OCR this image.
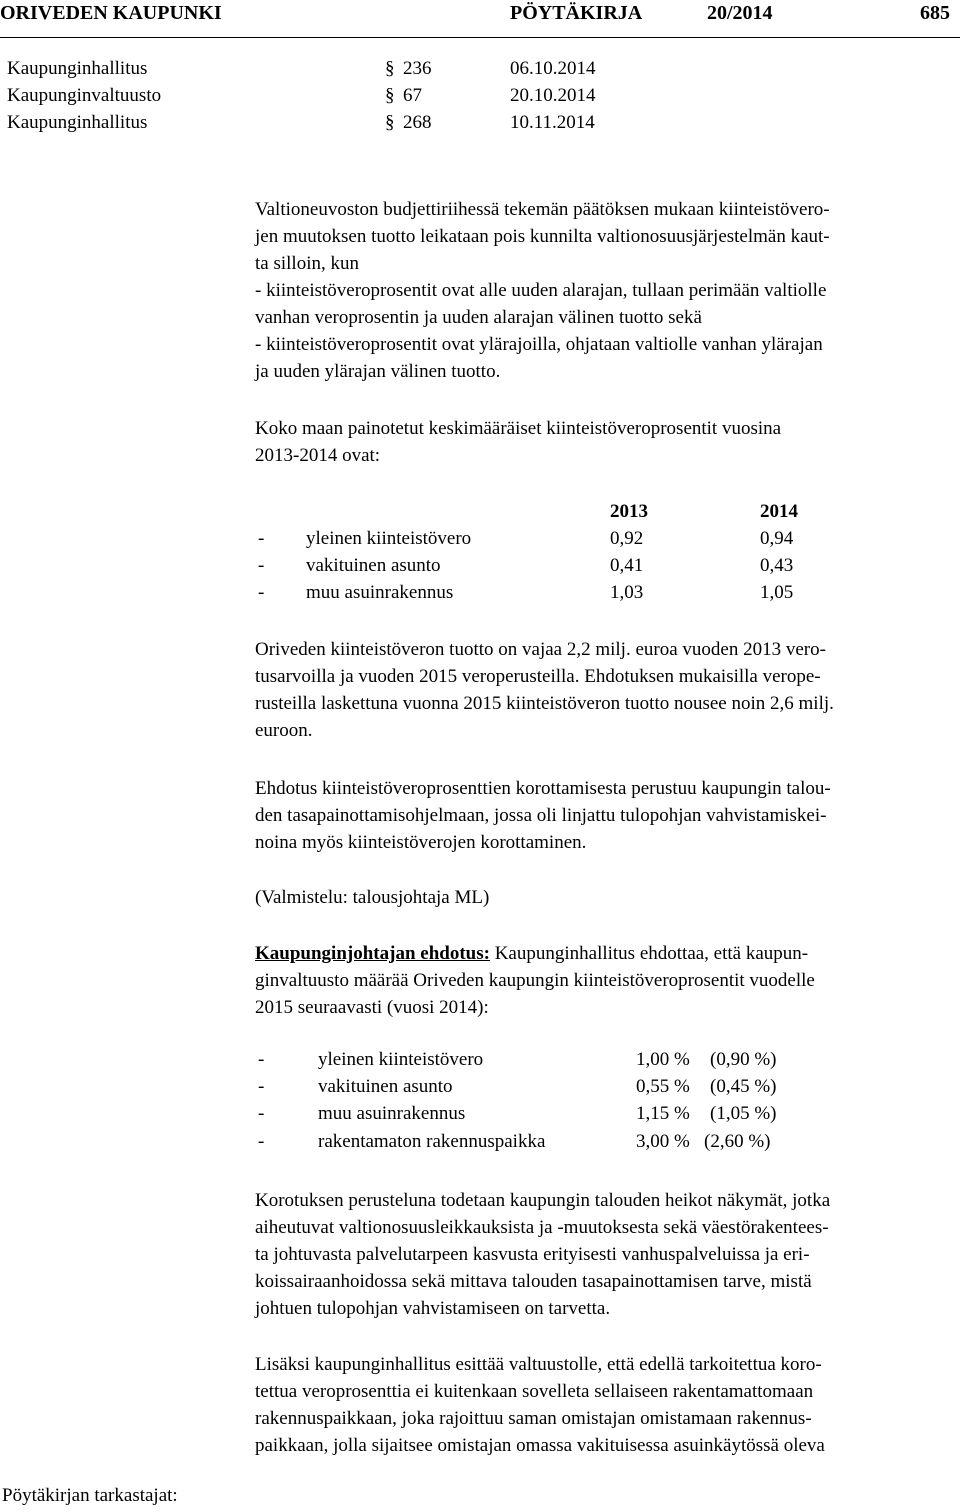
ORIVEDEN KAUPUNKI	PÖYTÄKIRJA	20/2014	685
Kaupunginhallitus	§ 236	06.10.2014
Kaupunginvaltuusto	§ 67	20.10.2014
Kaupunginhallitus	§ 268	10.11.2014
Valtioneuvoston budjettiriihessä tekemän päätöksen mukaan kiinteistövero-
jen muutoksen tuotto leikataan pois kunnilta valtionosuusjärjestelmän kaut-
ta silloin, kun
- kiinteistöveroprosentit ovat alle uuden alarajan, tullaan perimään valtiolle
vanhan veroprosentin ja uuden alarajan välinen tuotto sekä
- kiinteistöveroprosentit ovat ylärajoilla, ohjataan valtiolle vanhan ylärajan
ja uuden ylärajan välinen tuotto.
Koko maan painotetut keskimääräiset kiinteistöveroprosentit vuosina
2013-2014 ovat:
2013	2014
- yleinen kiinteistövero	0,92	0,94
- vakituinen asunto	0,41	0,43
- muu asuinrakennus	1,03	1,05
Oriveden kiinteistöveron tuotto on vajaa 2,2 milj. euroa vuoden 2013 vero-
tusarvoilla ja vuoden 2015 veroperusteilla. Ehdotuksen mukaisilla verope-
rusteilla laskettuna vuonna 2015 kiinteistöveron tuotto nousee noin 2,6 milj.
euroon.
Ehdotus kiinteistöveroprosenttien korottamisesta perustuu kaupungin talou-
den tasapainottamisohjelmaan, jossa oli linjattu tulopohjan vahvistamiskei-
noina myös kiinteistöverojen korottaminen.
(Valmistelu: talousjohtaja ML)
Kaupunginjohtajan ehdotus: Kaupunginhallitus ehdottaa, että kaupun-
ginvaltuusto määrää Oriveden kaupungin kiinteistöveroprosentit vuodelle
2015 seuraavasti (vuosi 2014):
-	yleinen kiinteistövero	1,00 % (0,90 %)
-	vakituinen asunto	0,55 % (0,45 %)
-	muu asuinrakennus	1,15 % (1,05 %)
-	rakentamaton rakennuspaikka	3,00 % (2,60 %)
Korotuksen perusteluna todetaan kaupungin talouden heikot näkymät, jotka
aiheutuvat valtionosuusleikkauksista ja -muutoksesta sekä väestörakentees-
ta johtuvasta palvelutarpeen kasvusta erityisesti vanhuspalveluissa ja eri-
koissairaanhoidossa sekä mittava talouden tasapainottamisen tarve, mistä
johtuen tulopohjan vahvistamiseen on tarvetta.
Lisäksi kaupunginhallitus esittää valtuustolle, että edellä tarkoitettua koro-
tettua veroprosenttia ei kuitenkaan sovelleta sellaiseen rakentamattomaan
rakennuspaikkaan, joka rajoittuu saman omistajan omistamaan rakennus-
paikkaan, jolla sijaitsee omistajan omassa vakituisessa asuinkäytössä oleva
Pöytäkirjan tarkastajat:
